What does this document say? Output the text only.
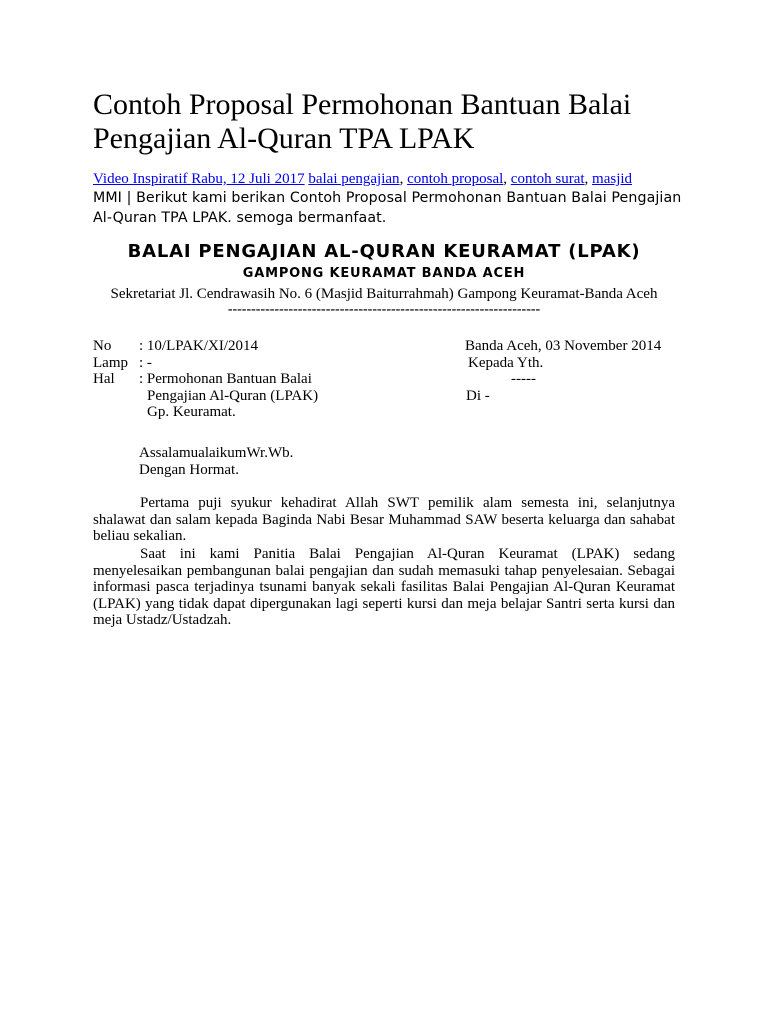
Contoh Proposal Permohonan Bantuan Balai Pengajian Al-Quran TPA LPAK
Video Inspiratif Rabu, 12 Juli 2017 balai pengajian, contoh proposal, contoh surat, masjid
MMI | Berikut kami berikan Contoh Proposal Permohonan Bantuan Balai Pengajian Al-Quran TPA LPAK. semoga bermanfaat.
BALAI PENGAJIAN AL-QURAN KEURAMAT (LPAK)
GAMPONG KEURAMAT BANDA ACEH
Sekretariat Jl. Cendrawasih No. 6 (Masjid Baiturrahmah) Gampong Keuramat-Banda Aceh
-------------------------------------------------------------------
No : 10/LPAK/XI/2014
Lamp : -
Hal : Permohonan Bantuan Balai
Pengajian Al-Quran (LPAK)
Gp. Keuramat.
Banda Aceh, 03 November 2014
Kepada Yth.
-----
Di -
AssalamualaikumWr.Wb.
Dengan Hormat.
Pertama puji syukur kehadirat Allah SWT pemilik alam semesta ini, selanjutnya shalawat dan salam kepada Baginda Nabi Besar Muhammad SAW beserta keluarga dan sahabat beliau sekalian.
Saat ini kami Panitia Balai Pengajian Al-Quran Keuramat (LPAK) sedang menyelesaikan pembangunan balai pengajian dan sudah memasuki tahap penyelesaian. Sebagai informasi pasca terjadinya tsunami banyak sekali fasilitas Balai Pengajian Al-Quran Keuramat (LPAK) yang tidak dapat dipergunakan lagi seperti kursi dan meja belajar Santri serta kursi dan meja Ustadz/Ustadzah.
